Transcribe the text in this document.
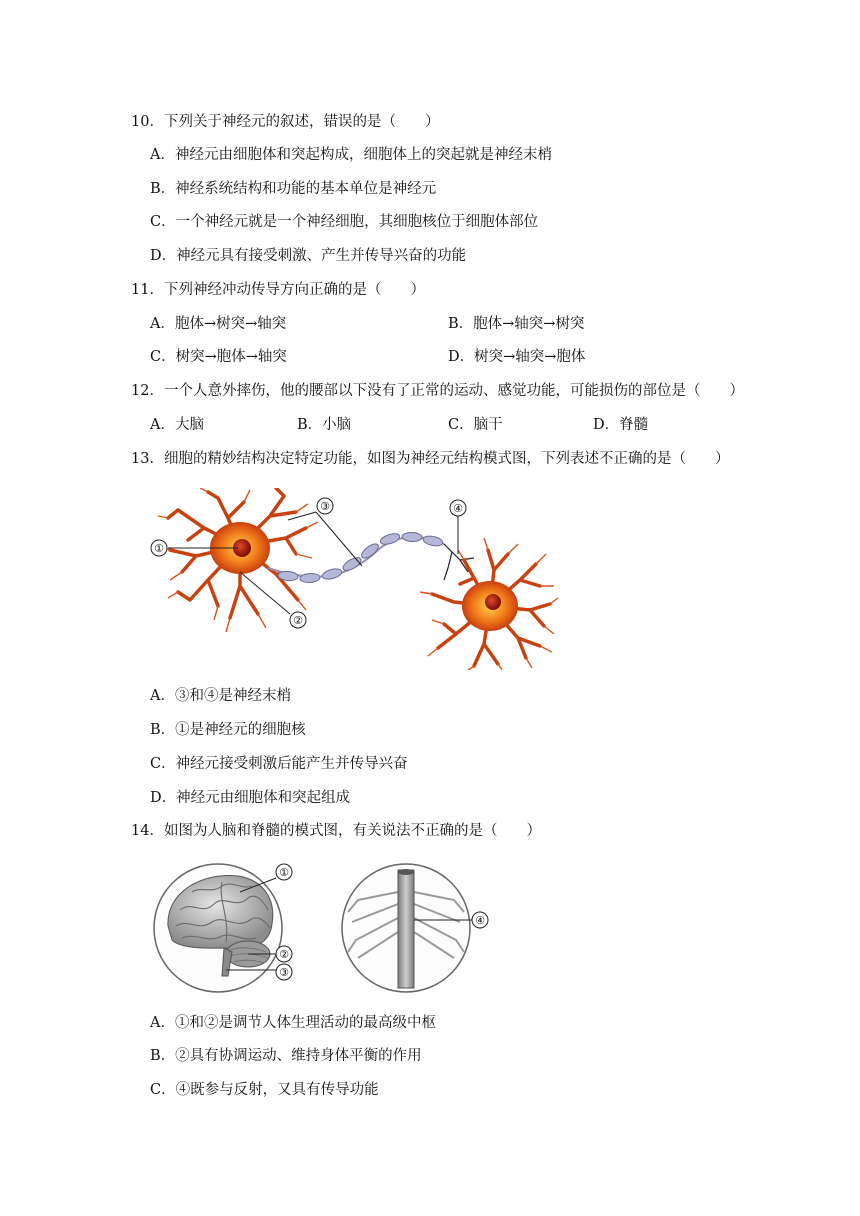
10．下列关于神经元的叙述，错误的是（　　）
A．神经元由细胞体和突起构成，细胞体上的突起就是神经末梢
B．神经系统结构和功能的基本单位是神经元
C．一个神经元就是一个神经细胞，其细胞核位于细胞体部位
D．神经元具有接受刺激、产生并传导兴奋的功能
11．下列神经冲动传导方向正确的是（　　）
A．胞体→树突→轴突	B．胞体→轴突→树突
C．树突→胞体→轴突	D．树突→轴突→胞体
12．一个人意外摔伤，他的腰部以下没有了正常的运动、感觉功能，可能损伤的部位是（　　）
A．大脑	B．小脑	C．脑干	D．脊髓
13．细胞的精妙结构决定特定功能，如图为神经元结构模式图，下列表述不正确的是（　　）
①
②
③	④
A．③和④是神经末梢
B．①是神经元的细胞核
C．神经元接受刺激后能产生并传导兴奋
D．神经元由细胞体和突起组成
14．如图为人脑和脊髓的模式图，有关说法不正确的是（　　）
①
②
③
④
A．①和②是调节人体生理活动的最高级中枢
B．②具有协调运动、维持身体平衡的作用
C．④既参与反射，又具有传导功能
